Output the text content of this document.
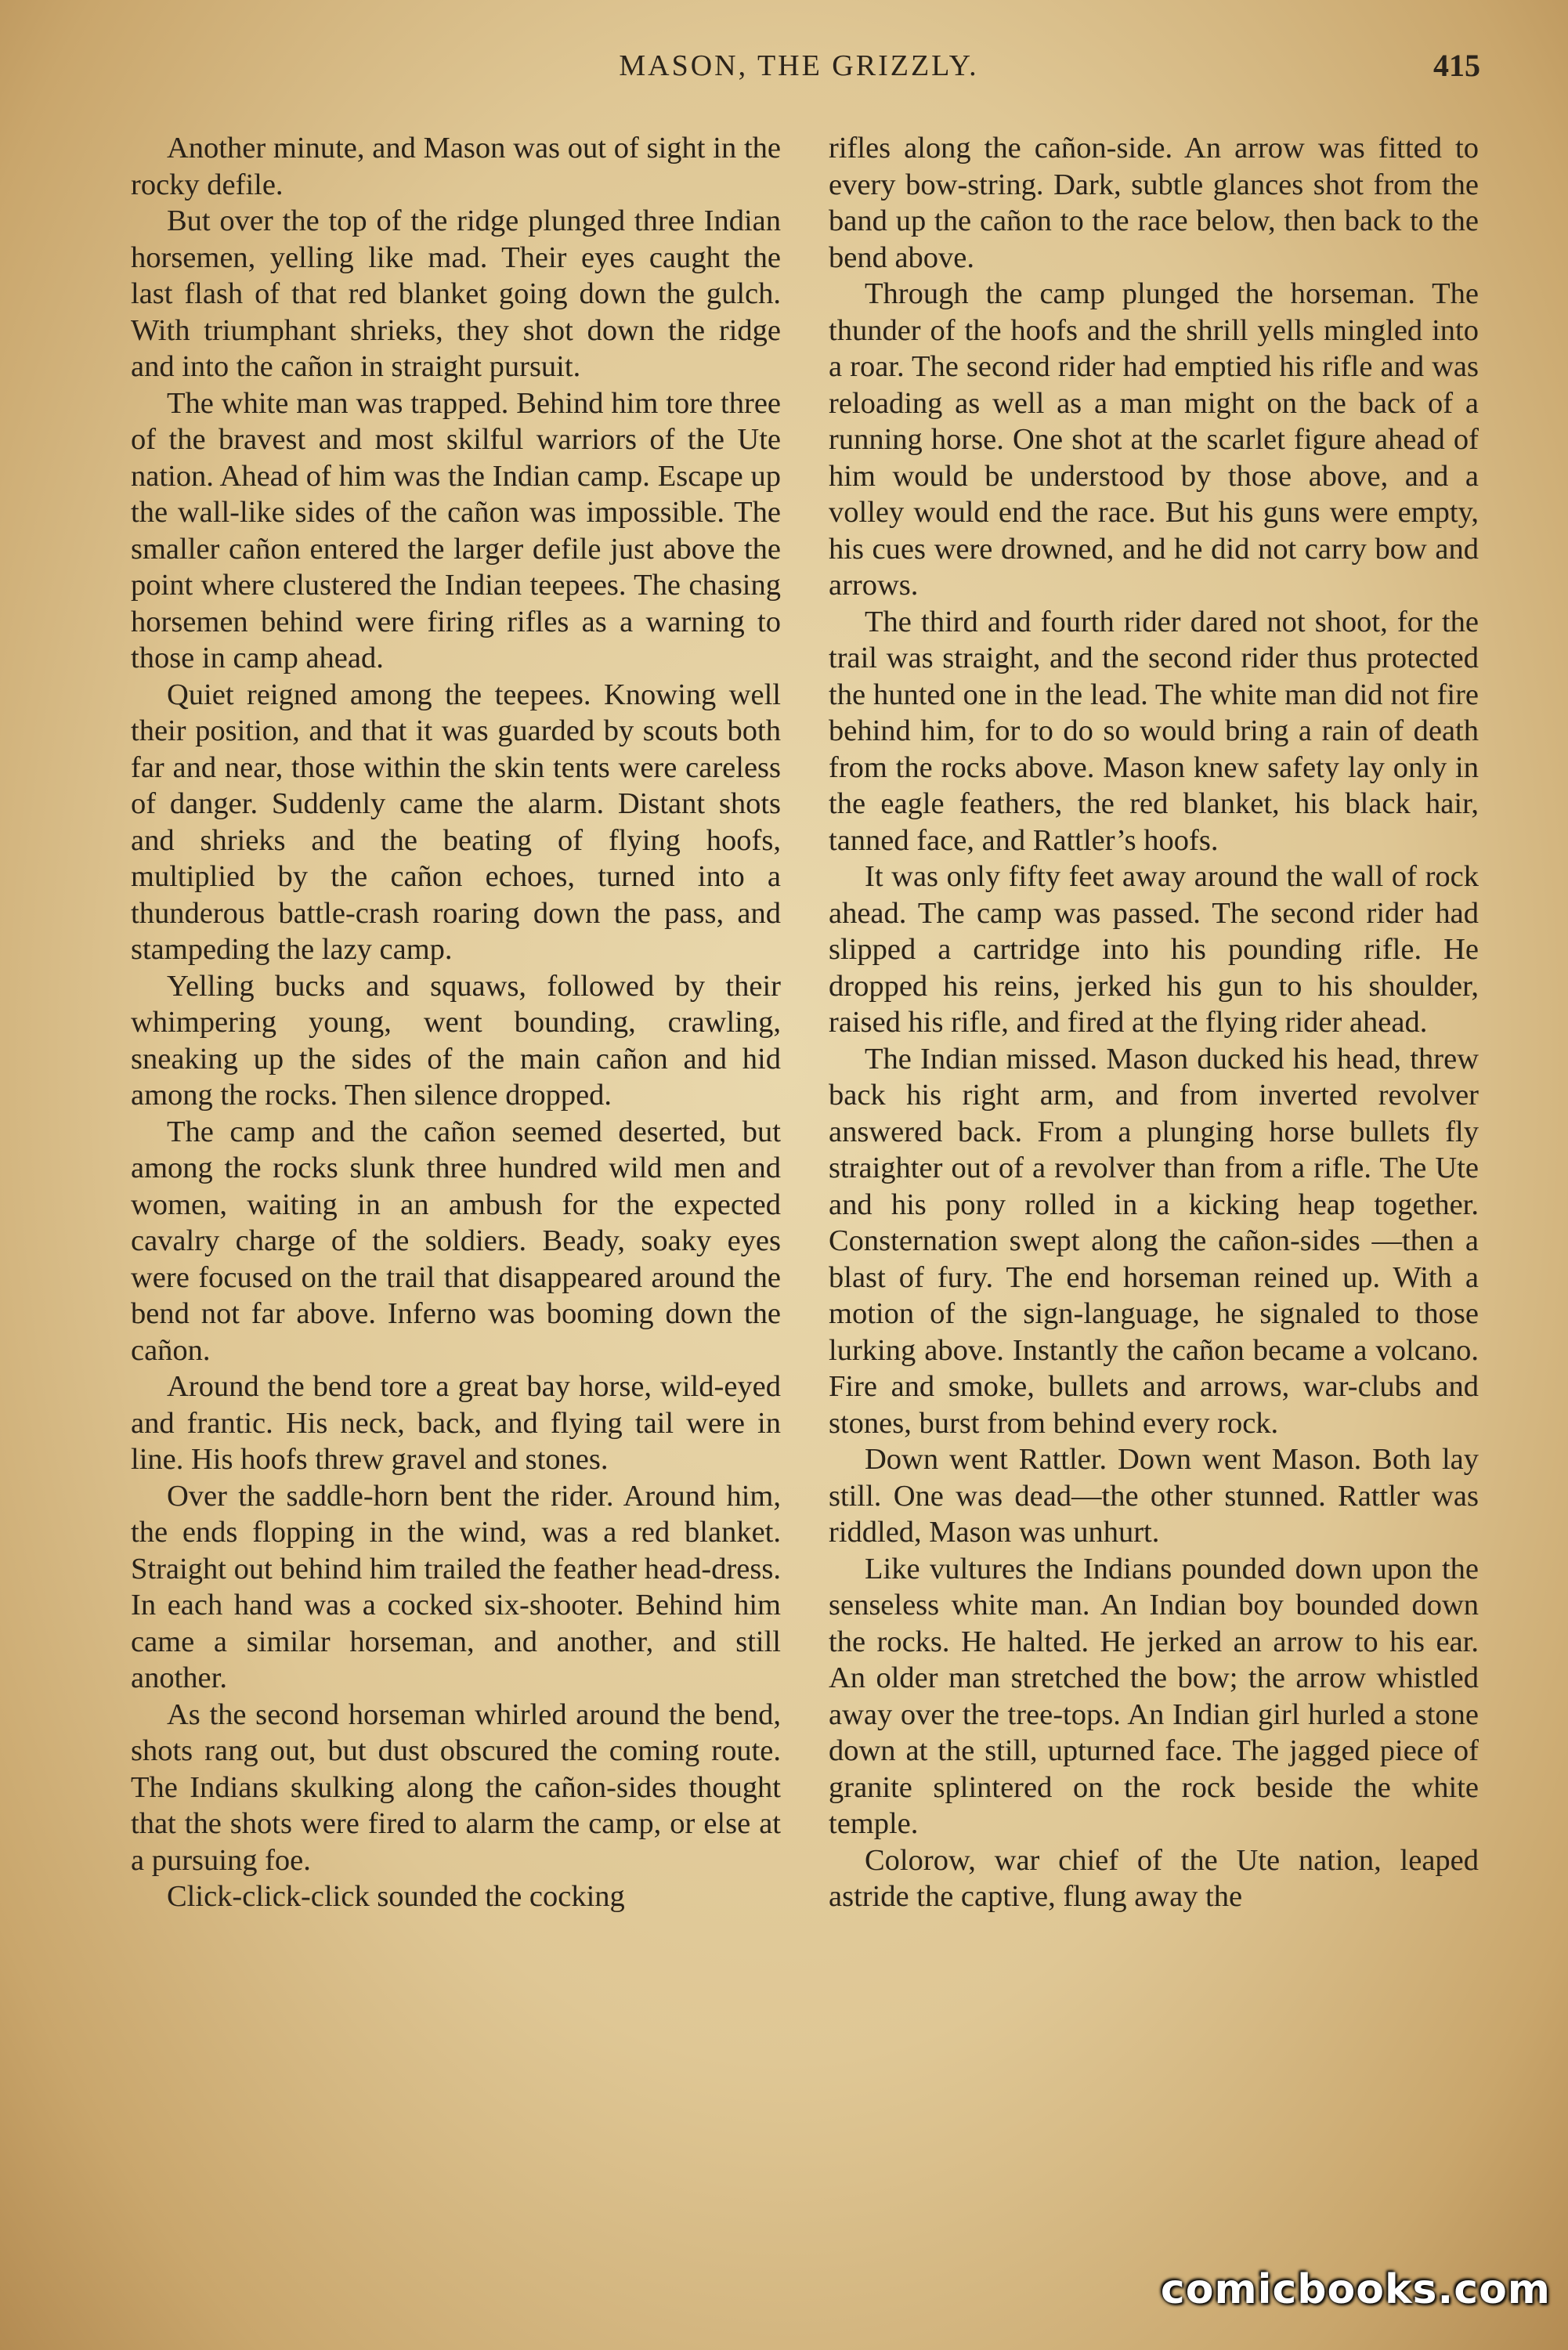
MASON, THE GRIZZLY.	415

Another minute, and Mason was out of sight in the rocky defile.

But over the top of the ridge plunged three Indian horsemen, yelling like mad. Their eyes caught the last flash of that red blanket going down the gulch. With triumphant shrieks, they shot down the ridge and into the cañon in straight pursuit.

The white man was trapped. Behind him tore three of the bravest and most skilful warriors of the Ute nation. Ahead of him was the Indian camp. Escape up the wall-like sides of the cañon was impossible. The smaller cañon entered the larger defile just above the point where clustered the Indian teepees. The chasing horsemen behind were firing rifles as a warning to those in camp ahead.

Quiet reigned among the teepees. Knowing well their position, and that it was guarded by scouts both far and near, those within the skin tents were careless of danger. Suddenly came the alarm. Distant shots and shrieks and the beating of flying hoofs, multiplied by the cañon echoes, turned into a thunderous battle-crash roaring down the pass, and stampeding the lazy camp.

Yelling bucks and squaws, followed by their whimpering young, went bounding, crawling, sneaking up the sides of the main cañon and hid among the rocks. Then silence dropped.

The camp and the cañon seemed deserted, but among the rocks slunk three hundred wild men and women, waiting in an ambush for the expected cavalry charge of the soldiers. Beady, soaky eyes were focused on the trail that disappeared around the bend not far above. Inferno was booming down the cañon.

Around the bend tore a great bay horse, wild-eyed and frantic. His neck, back, and flying tail were in line. His hoofs threw gravel and stones.

Over the saddle-horn bent the rider. Around him, the ends flopping in the wind, was a red blanket. Straight out behind him trailed the feather head-dress. In each hand was a cocked six-shooter. Behind him came a similar horseman, and another, and still another.

As the second horseman whirled around the bend, shots rang out, but dust obscured the coming route. The Indians skulking along the cañon-sides thought that the shots were fired to alarm the camp, or else at a pursuing foe.

Click-click-click sounded the cocking

rifles along the cañon-side. An arrow was fitted to every bow-string. Dark, subtle glances shot from the band up the cañon to the race below, then back to the bend above.

Through the camp plunged the horseman. The thunder of the hoofs and the shrill yells mingled into a roar. The second rider had emptied his rifle and was reloading as well as a man might on the back of a running horse. One shot at the scarlet figure ahead of him would be understood by those above, and a volley would end the race. But his guns were empty, his cues were drowned, and he did not carry bow and arrows.

The third and fourth rider dared not shoot, for the trail was straight, and the second rider thus protected the hunted one in the lead. The white man did not fire behind him, for to do so would bring a rain of death from the rocks above. Mason knew safety lay only in the eagle feathers, the red blanket, his black hair, tanned face, and Rattler’s hoofs.

It was only fifty feet away around the wall of rock ahead. The camp was passed. The second rider had slipped a cartridge into his pounding rifle. He dropped his reins, jerked his gun to his shoulder, raised his rifle, and fired at the flying rider ahead.

The Indian missed. Mason ducked his head, threw back his right arm, and from inverted revolver answered back. From a plunging horse bullets fly straighter out of a revolver than from a rifle. The Ute and his pony rolled in a kicking heap together. Consternation swept along the cañon-sides —then a blast of fury. The end horseman reined up. With a motion of the sign-language, he signaled to those lurking above. Instantly the cañon became a volcano. Fire and smoke, bullets and arrows, war-clubs and stones, burst from behind every rock.

Down went Rattler. Down went Mason. Both lay still. One was dead—the other stunned. Rattler was riddled, Mason was unhurt.

Like vultures the Indians pounded down upon the senseless white man. An Indian boy bounded down the rocks. He halted. He jerked an arrow to his ear. An older man stretched the bow; the arrow whistled away over the tree-tops. An Indian girl hurled a stone down at the still, upturned face. The jagged piece of granite splintered on the rock beside the white temple.

Colorow, war chief of the Ute nation, leaped astride the captive, flung away the

comicbooks.com
